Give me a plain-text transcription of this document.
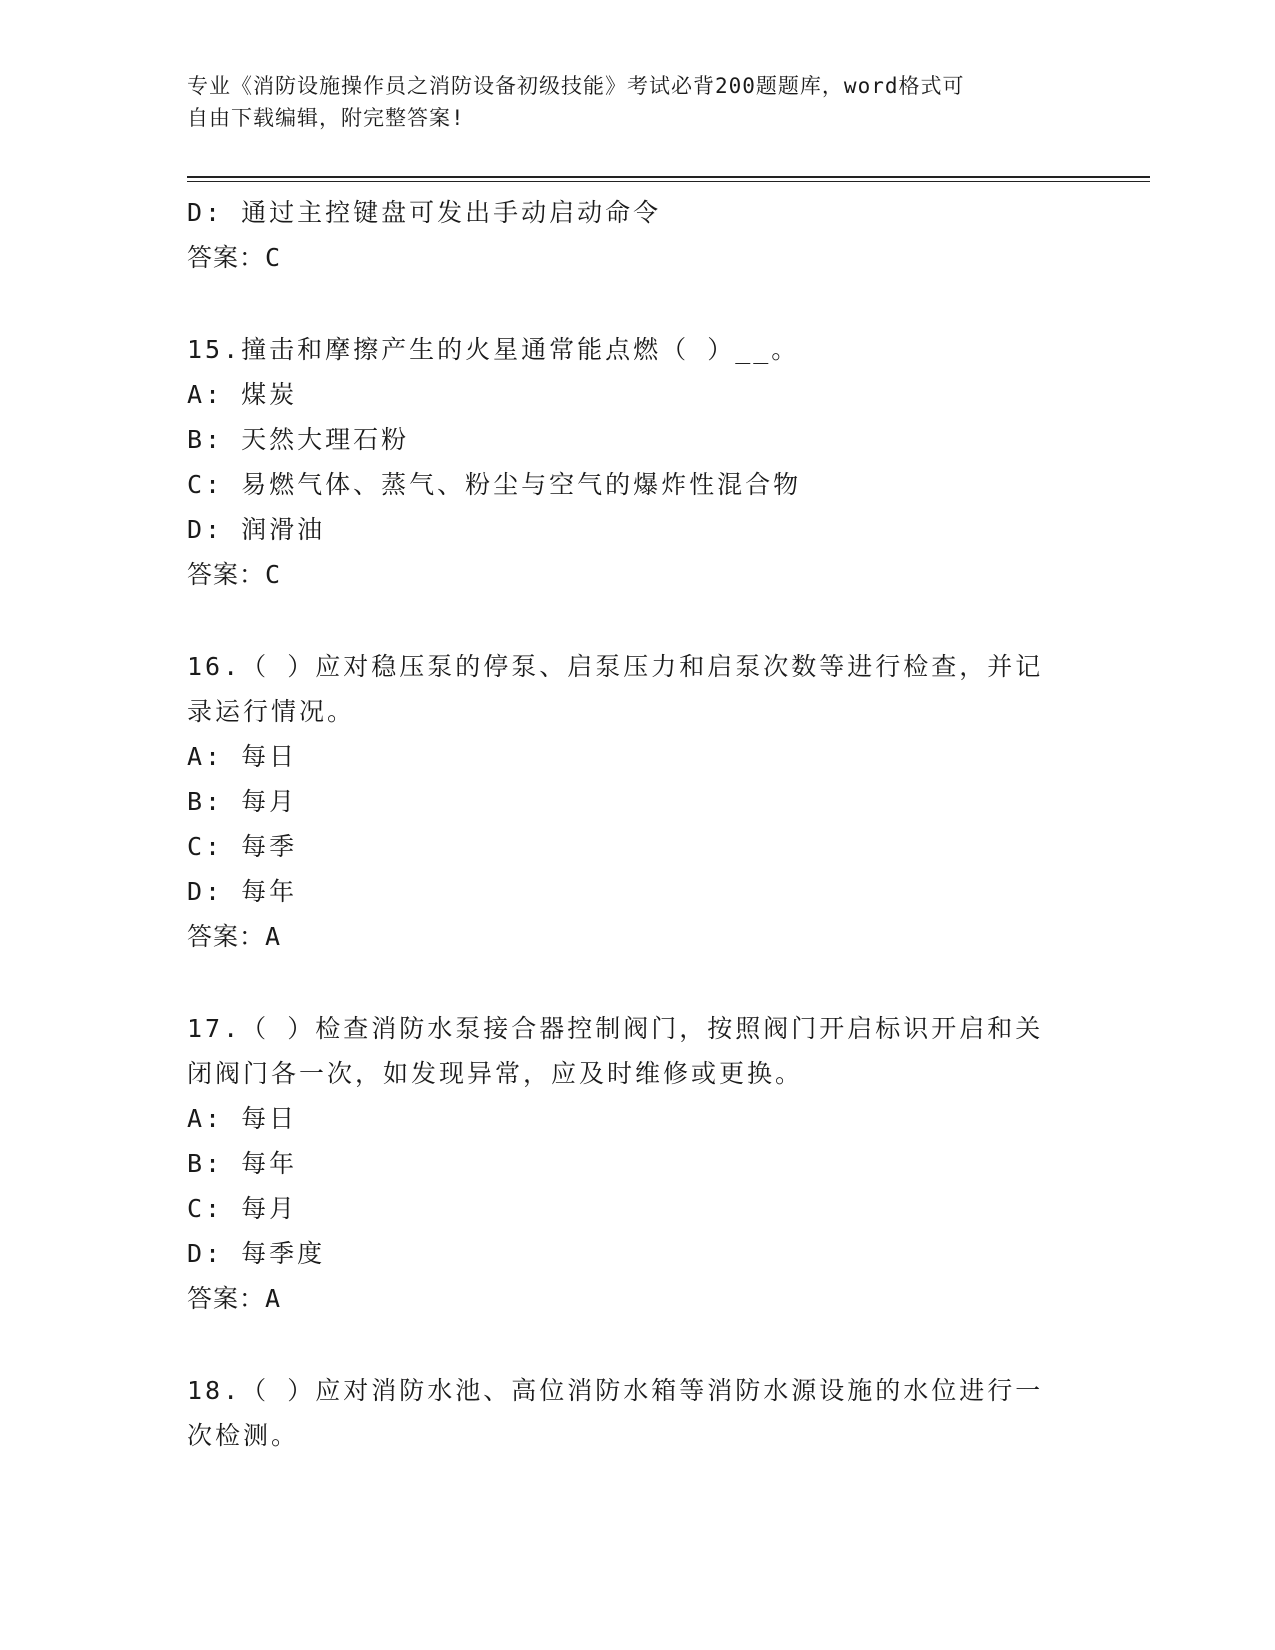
专业《消防设施操作员之消防设备初级技能》考试必背200题题库，word格式可
自由下载编辑，附完整答案!
D: 通过主控键盘可发出手动启动命令
答案：C
15.撞击和摩擦产生的火星通常能点燃（ ）__。
A: 煤炭
B: 天然大理石粉
C: 易燃气体、蒸气、粉尘与空气的爆炸性混合物
D: 润滑油
答案：C
16.（ ）应对稳压泵的停泵、启泵压力和启泵次数等进行检查，并记
录运行情况。
A: 每日
B: 每月
C: 每季
D: 每年
答案：A
17.（ ）检查消防水泵接合器控制阀门，按照阀门开启标识开启和关
闭阀门各一次，如发现异常，应及时维修或更换。
A: 每日
B: 每年
C: 每月
D: 每季度
答案：A
18.（ ）应对消防水池、高位消防水箱等消防水源设施的水位进行一
次检测。
